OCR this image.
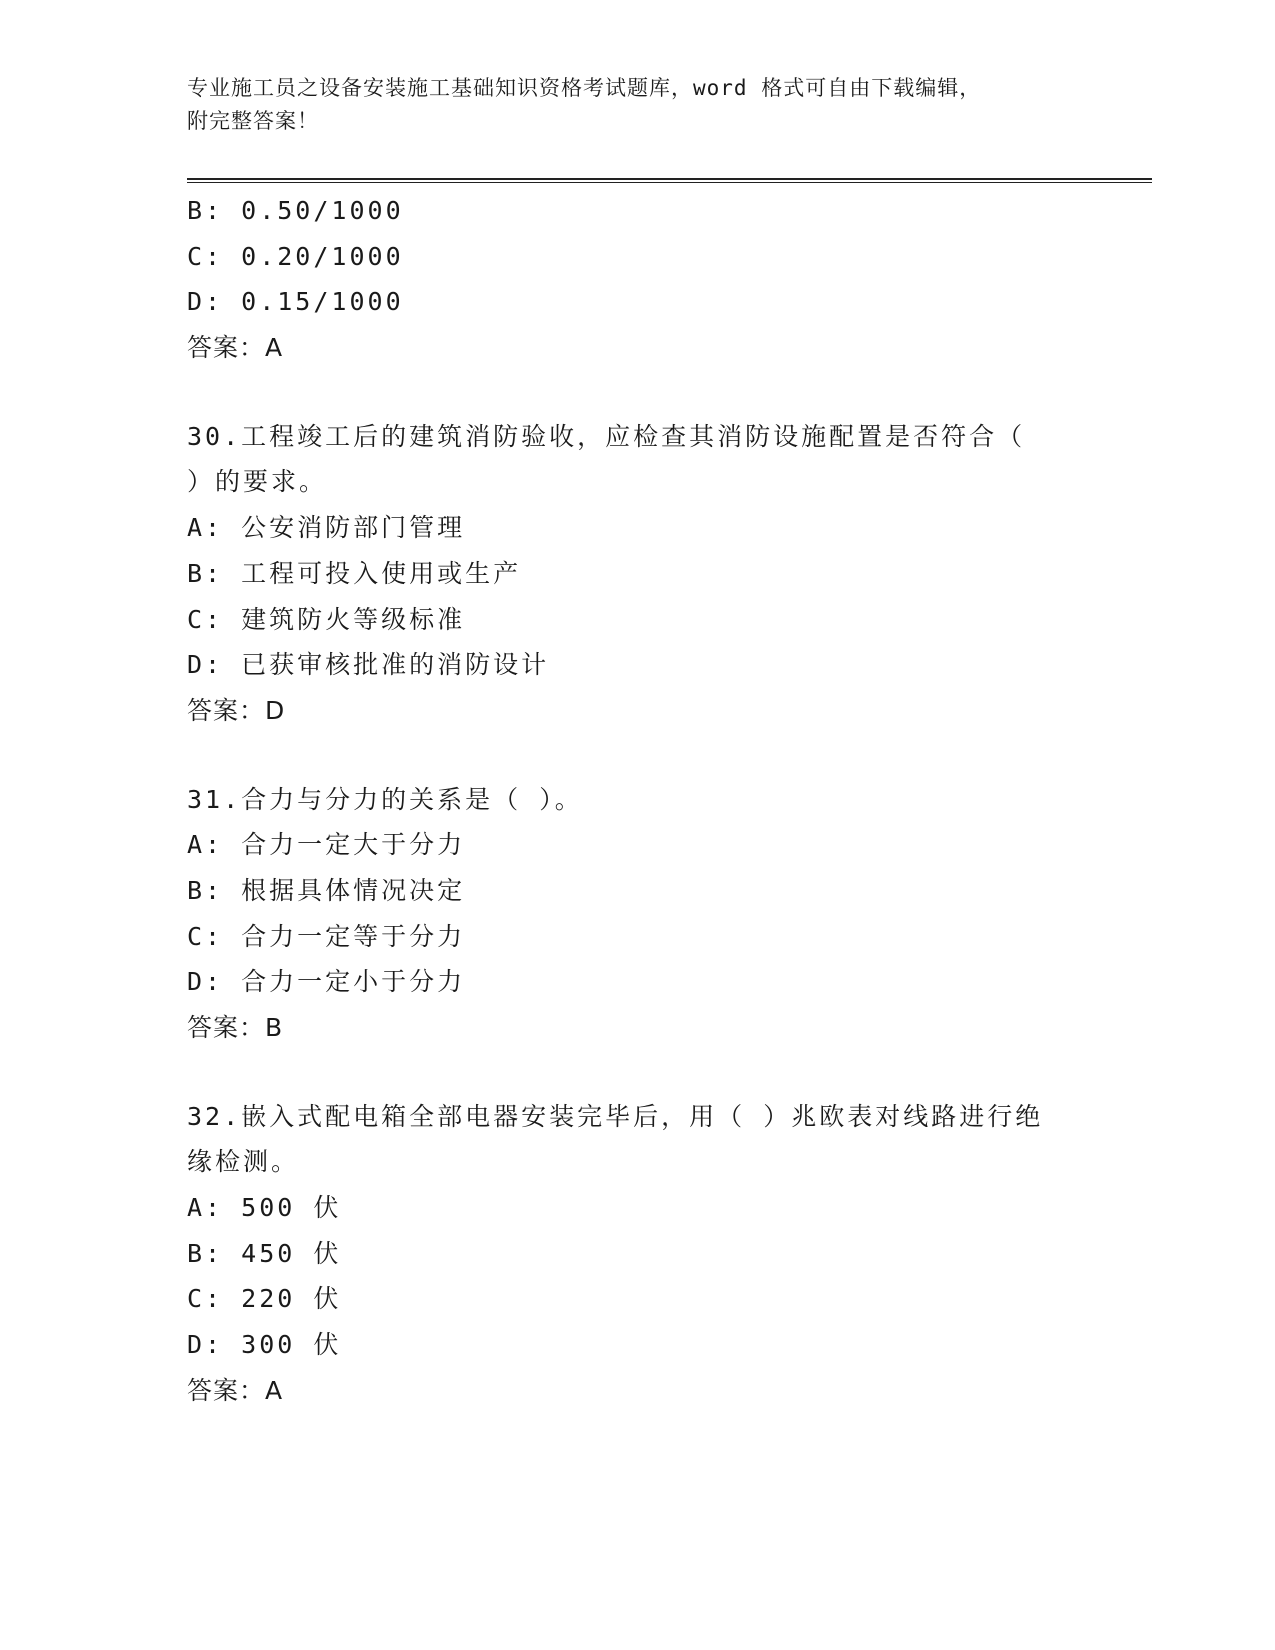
专业施工员之设备安装施工基础知识资格考试题库，word 格式可自由下载编辑，
附完整答案！
B: 0.50/1000
C: 0.20/1000
D: 0.15/1000
答案：A
30.工程竣工后的建筑消防验收，应检查其消防设施配置是否符合（
）的要求。
A: 公安消防部门管理
B: 工程可投入使用或生产
C: 建筑防火等级标准
D: 已获审核批准的消防设计
答案：D
31.合力与分力的关系是（ ）。
A: 合力一定大于分力
B: 根据具体情况决定
C: 合力一定等于分力
D: 合力一定小于分力
答案：B
32.嵌入式配电箱全部电器安装完毕后，用（ ）兆欧表对线路进行绝
缘检测。
A: 500 伏
B: 450 伏
C: 220 伏
D: 300 伏
答案：A
